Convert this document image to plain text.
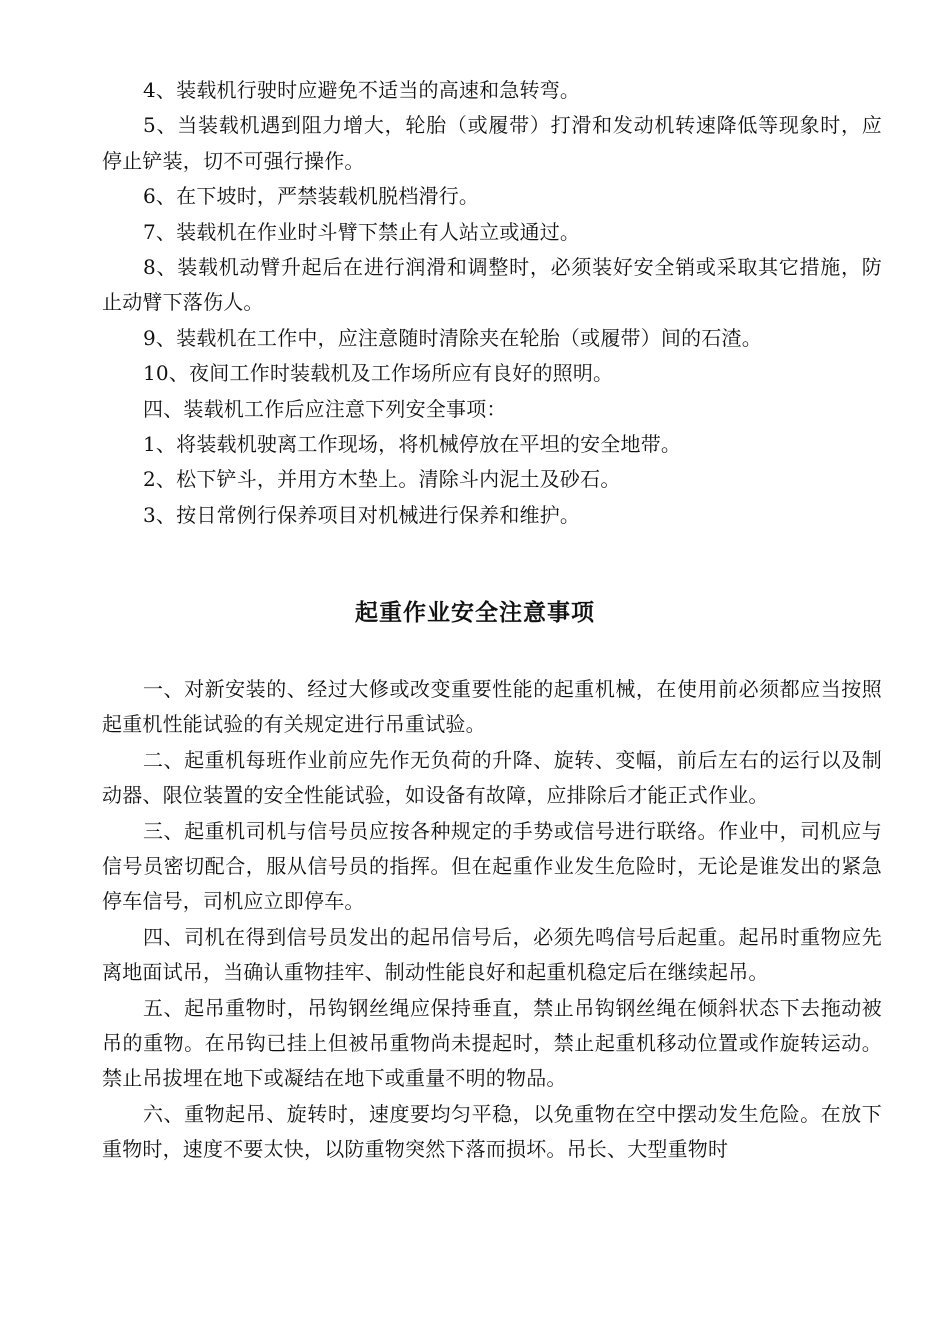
4、装载机行驶时应避免不适当的高速和急转弯。

5、当装载机遇到阻力增大，轮胎（或履带）打滑和发动机转速降低等现象时，应停止铲装，切不可强行操作。

6、在下坡时，严禁装载机脱档滑行。

7、装载机在作业时斗臂下禁止有人站立或通过。

8、装载机动臂升起后在进行润滑和调整时，必须装好安全销或采取其它措施，防止动臂下落伤人。

9、装载机在工作中，应注意随时清除夹在轮胎（或履带）间的石渣。

10、夜间工作时装载机及工作场所应有良好的照明。

四、装载机工作后应注意下列安全事项：

1、将装载机驶离工作现场，将机械停放在平坦的安全地带。

2、松下铲斗，并用方木垫上。清除斗内泥土及砂石。

3、按日常例行保养项目对机械进行保养和维护。

起重作业安全注意事项

一、对新安装的、经过大修或改变重要性能的起重机械，在使用前必须都应当按照起重机性能试验的有关规定进行吊重试验。

二、起重机每班作业前应先作无负荷的升降、旋转、变幅，前后左右的运行以及制动器、限位装置的安全性能试验，如设备有故障，应排除后才能正式作业。

三、起重机司机与信号员应按各种规定的手势或信号进行联络。作业中，司机应与信号员密切配合，服从信号员的指挥。但在起重作业发生危险时，无论是谁发出的紧急停车信号，司机应立即停车。

四、司机在得到信号员发出的起吊信号后，必须先鸣信号后起重。起吊时重物应先离地面试吊，当确认重物挂牢、制动性能良好和起重机稳定后在继续起吊。

五、起吊重物时，吊钩钢丝绳应保持垂直，禁止吊钩钢丝绳在倾斜状态下去拖动被吊的重物。在吊钩已挂上但被吊重物尚未提起时，禁止起重机移动位置或作旋转运动。禁止吊拔埋在地下或凝结在地下或重量不明的物品。

六、重物起吊、旋转时，速度要均匀平稳，以免重物在空中摆动发生危险。在放下重物时，速度不要太快，以防重物突然下落而损坏。吊长、大型重物时
